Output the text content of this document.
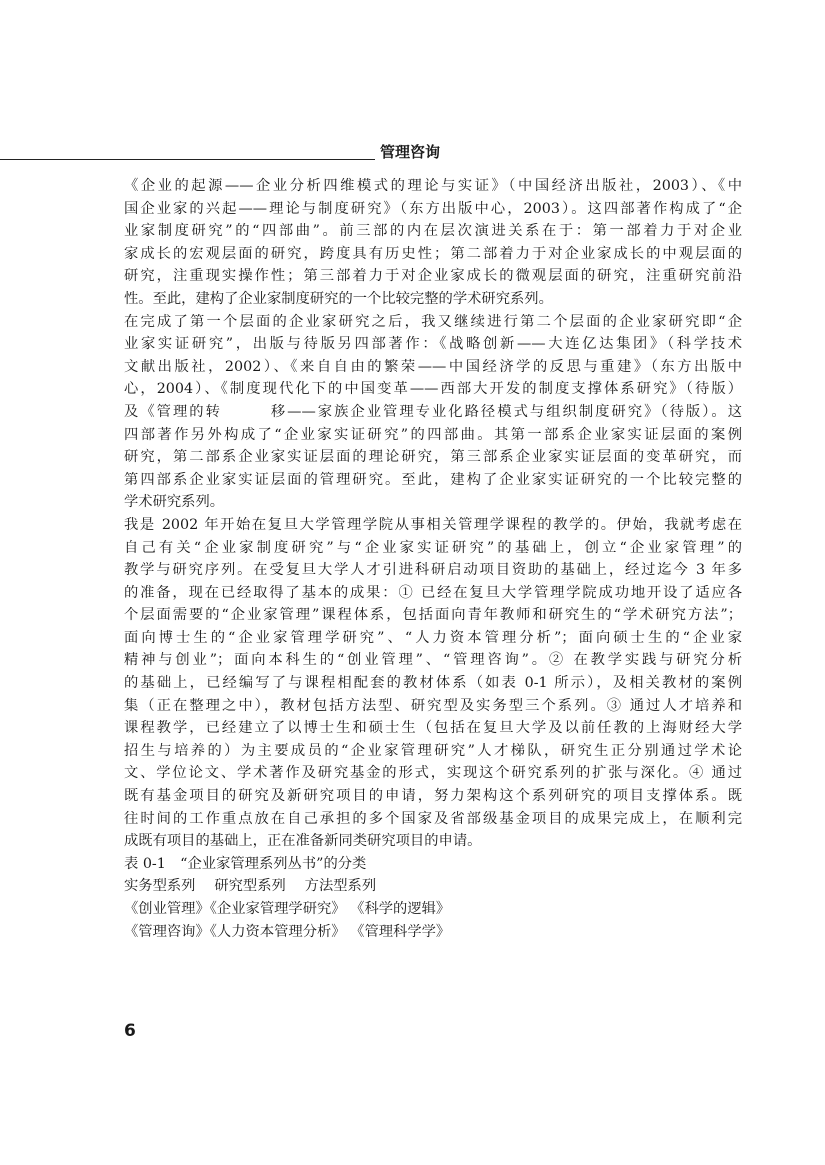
管理咨询
《企业的起源——企业分析四维模式的理论与实证》（中国经济出版社，2003）、《中
国企业家的兴起——理论与制度研究》（东方出版中心，2003）。这四部著作构成了“企
业家制度研究”的“四部曲”。前三部的内在层次演进关系在于：第一部着力于对企业
家成长的宏观层面的研究，跨度具有历史性；第二部着力于对企业家成长的中观层面的
研究，注重现实操作性；第三部着力于对企业家成长的微观层面的研究，注重研究前沿
性。至此，建构了企业家制度研究的一个比较完整的学术研究系列。
在完成了第一个层面的企业家研究之后，我又继续进行第二个层面的企业家研究即“企
业家实证研究”，出版与待版另四部著作：《战略创新——大连亿达集团》（科学技术
文献出版社，2002）、《来自自由的繁荣——中国经济学的反思与重建》（东方出版中
心，2004）、《制度现代化下的中国变革——西部大开发的制度支撑体系研究》（待版）
及《管理的转　　　移——家族企业管理专业化路径模式与组织制度研究》（待版）。这
四部著作另外构成了“企业家实证研究”的四部曲。其第一部系企业家实证层面的案例
研究，第二部系企业家实证层面的理论研究，第三部系企业家实证层面的变革研究，而
第四部系企业家实证层面的管理研究。至此，建构了企业家实证研究的一个比较完整的
学术研究系列。
我是 2002 年开始在复旦大学管理学院从事相关管理学课程的教学的。伊始，我就考虑在
自己有关“企业家制度研究”与“企业家实证研究”的基础上，创立“企业家管理”的
教学与研究序列。在受复旦大学人才引进科研启动项目资助的基础上，经过迄今 3 年多
的准备，现在已经取得了基本的成果：① 已经在复旦大学管理学院成功地开设了适应各
个层面需要的“企业家管理”课程体系，包括面向青年教师和研究生的“学术研究方法”；
面向博士生的“企业家管理学研究”、“人力资本管理分析”；面向硕士生的“企业家
精神与创业”；面向本科生的“创业管理”、“管理咨询”。② 在教学实践与研究分析
的基础上，已经编写了与课程相配套的教材体系（如表 0-1 所示），及相关教材的案例
集（正在整理之中），教材包括方法型、研究型及实务型三个系列。③ 通过人才培养和
课程教学，已经建立了以博士生和硕士生（包括在复旦大学及以前任教的上海财经大学
招生与培养的）为主要成员的“企业家管理研究”人才梯队，研究生正分别通过学术论
文、学位论文、学术著作及研究基金的形式，实现这个研究系列的扩张与深化。④ 通过
既有基金项目的研究及新研究项目的申请，努力架构这个系列研究的项目支撑体系。既
往时间的工作重点放在自己承担的多个国家及省部级基金项目的成果完成上，在顺利完
成既有项目的基础上，正在准备新同类研究项目的申请。
表 0-1　“企业家管理系列丛书”的分类
实务型系列　 研究型系列　 方法型系列
《创业管理》《企业家管理学研究》 《科学的逻辑》
《管理咨询》《人力资本管理分析》 《管理科学学》
6
